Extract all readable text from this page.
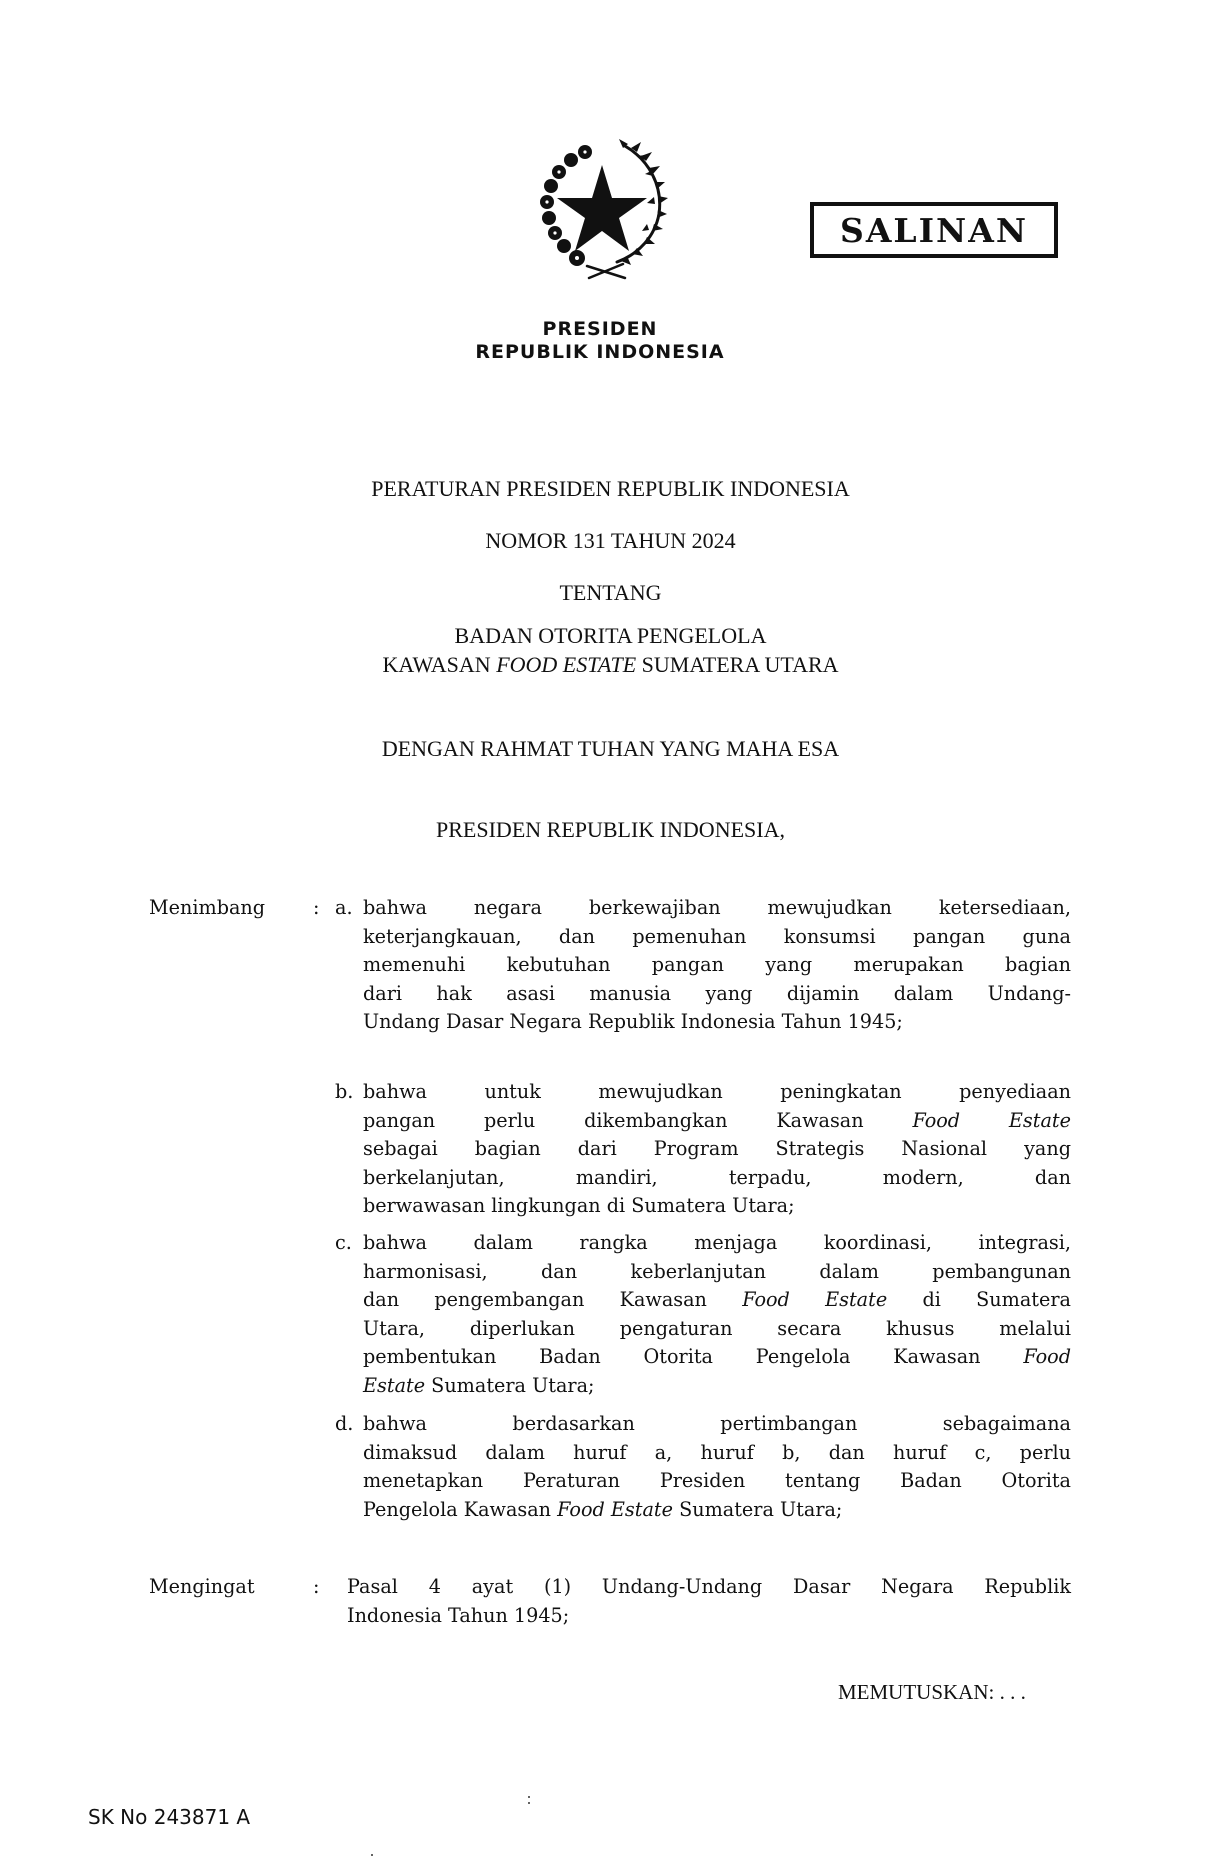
PRESIDEN
REPUBLIK INDONESIA
SALINAN
PERATURAN PRESIDEN REPUBLIK INDONESIA
NOMOR 131 TAHUN 2024
TENTANG
BADAN OTORITA PENGELOLA
KAWASAN FOOD ESTATE SUMATERA UTARA
DENGAN RAHMAT TUHAN YANG MAHA ESA
PRESIDEN REPUBLIK INDONESIA,
Menimbang : a. bahwa negara berkewajiban mewujudkan ketersediaan,
keterjangkauan, dan pemenuhan konsumsi pangan guna
memenuhi kebutuhan pangan yang merupakan bagian
dari hak asasi manusia yang dijamin dalam Undang-
Undang Dasar Negara Republik Indonesia Tahun 1945;
b. bahwa untuk mewujudkan peningkatan penyediaan
pangan perlu dikembangkan Kawasan Food Estate
sebagai bagian dari Program Strategis Nasional yang
berkelanjutan, mandiri, terpadu, modern, dan
berwawasan lingkungan di Sumatera Utara;
c. bahwa dalam rangka menjaga koordinasi, integrasi,
harmonisasi, dan keberlanjutan dalam pembangunan
dan pengembangan Kawasan Food Estate di Sumatera
Utara, diperlukan pengaturan secara khusus melalui
pembentukan Badan Otorita Pengelola Kawasan Food
Estate Sumatera Utara;
d. bahwa berdasarkan pertimbangan sebagaimana
dimaksud dalam huruf a, huruf b, dan huruf c, perlu
menetapkan Peraturan Presiden tentang Badan Otorita
Pengelola Kawasan Food Estate Sumatera Utara;
Mengingat	: Pasal 4 ayat (1) Undang-Undang Dasar Negara Republik
Indonesia Tahun 1945;
MEMUTUSKAN: . . .
SK No 243871 A
